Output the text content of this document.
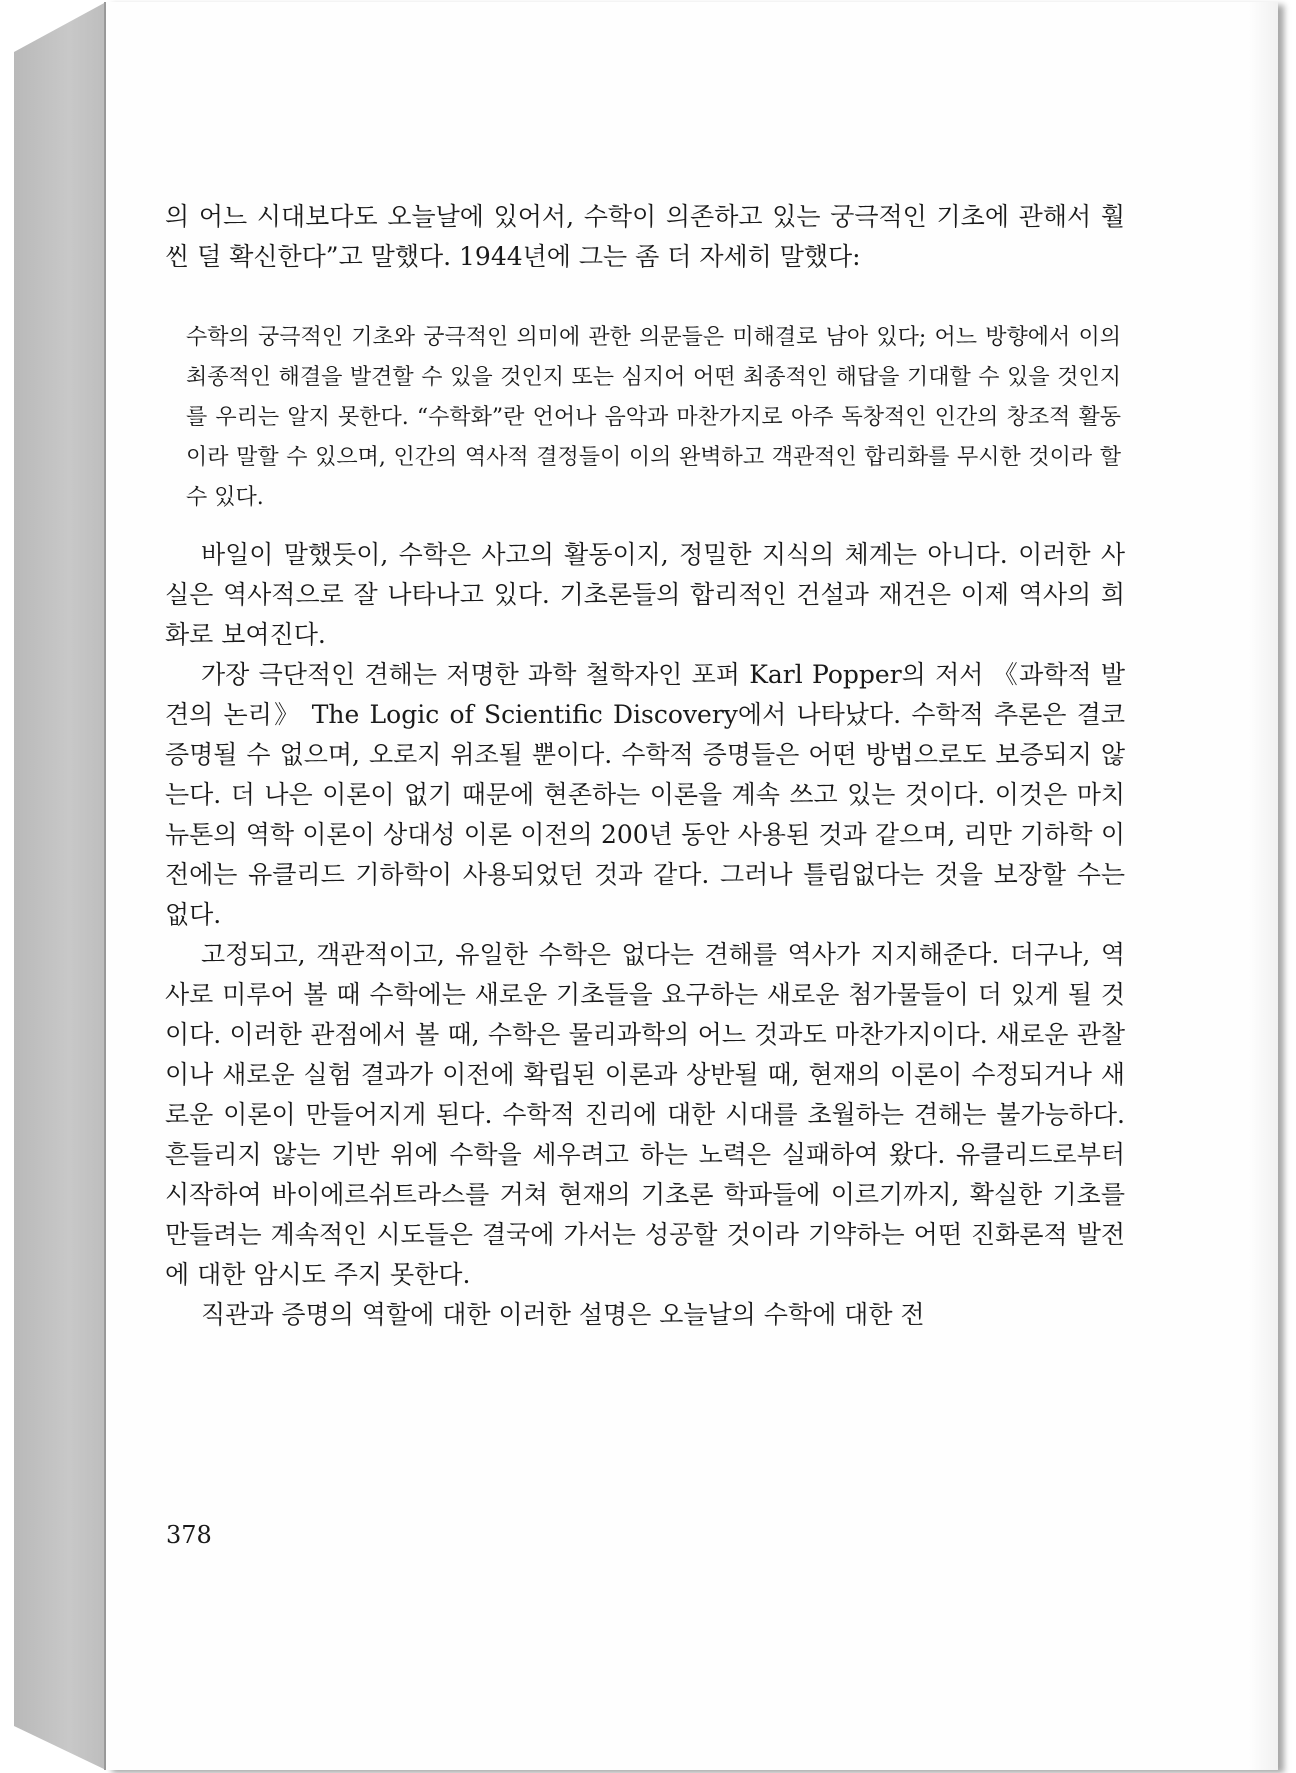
의 어느 시대보다도 오늘날에 있어서, 수학이 의존하고 있는 궁극적인 기초에 관해서 훨씬 덜 확신한다”고 말했다. 1944년에 그는 좀 더 자세히 말했다:

수학의 궁극적인 기초와 궁극적인 의미에 관한 의문들은 미해결로 남아 있다; 어느 방향에서 이의 최종적인 해결을 발견할 수 있을 것인지 또는 심지어 어떤 최종적인 해답을 기대할 수 있을 것인지를 우리는 알지 못한다. “수학화”란 언어나 음악과 마찬가지로 아주 독창적인 인간의 창조적 활동이라 말할 수 있으며, 인간의 역사적 결정들이 이의 완벽하고 객관적인 합리화를 무시한 것이라 할 수 있다.

바일이 말했듯이, 수학은 사고의 활동이지, 정밀한 지식의 체계는 아니다. 이러한 사실은 역사적으로 잘 나타나고 있다. 기초론들의 합리적인 건설과 재건은 이제 역사의 희화로 보여진다.

가장 극단적인 견해는 저명한 과학 철학자인 포퍼 Karl Popper의 저서 《과학적 발견의 논리》 The Logic of Scientific Discovery에서 나타났다. 수학적 추론은 결코 증명될 수 없으며, 오로지 위조될 뿐이다. 수학적 증명들은 어떤 방법으로도 보증되지 않는다. 더 나은 이론이 없기 때문에 현존하는 이론을 계속 쓰고 있는 것이다. 이것은 마치 뉴톤의 역학 이론이 상대성 이론 이전의 200년 동안 사용된 것과 같으며, 리만 기하학 이전에는 유클리드 기하학이 사용되었던 것과 같다. 그러나 틀림없다는 것을 보장할 수는 없다.

고정되고, 객관적이고, 유일한 수학은 없다는 견해를 역사가 지지해준다. 더구나, 역사로 미루어 볼 때 수학에는 새로운 기초들을 요구하는 새로운 첨가물들이 더 있게 될 것이다. 이러한 관점에서 볼 때, 수학은 물리과학의 어느 것과도 마찬가지이다. 새로운 관찰이나 새로운 실험 결과가 이전에 확립된 이론과 상반될 때, 현재의 이론이 수정되거나 새로운 이론이 만들어지게 된다. 수학적 진리에 대한 시대를 초월하는 견해는 불가능하다. 흔들리지 않는 기반 위에 수학을 세우려고 하는 노력은 실패하여 왔다. 유클리드로부터 시작하여 바이에르쉬트라스를 거쳐 현재의 기초론 학파들에 이르기까지, 확실한 기초를 만들려는 계속적인 시도들은 결국에 가서는 성공할 것이라 기약하는 어떤 진화론적 발전에 대한 암시도 주지 못한다.

직관과 증명의 역할에 대한 이러한 설명은 오늘날의 수학에 대한 전

378
